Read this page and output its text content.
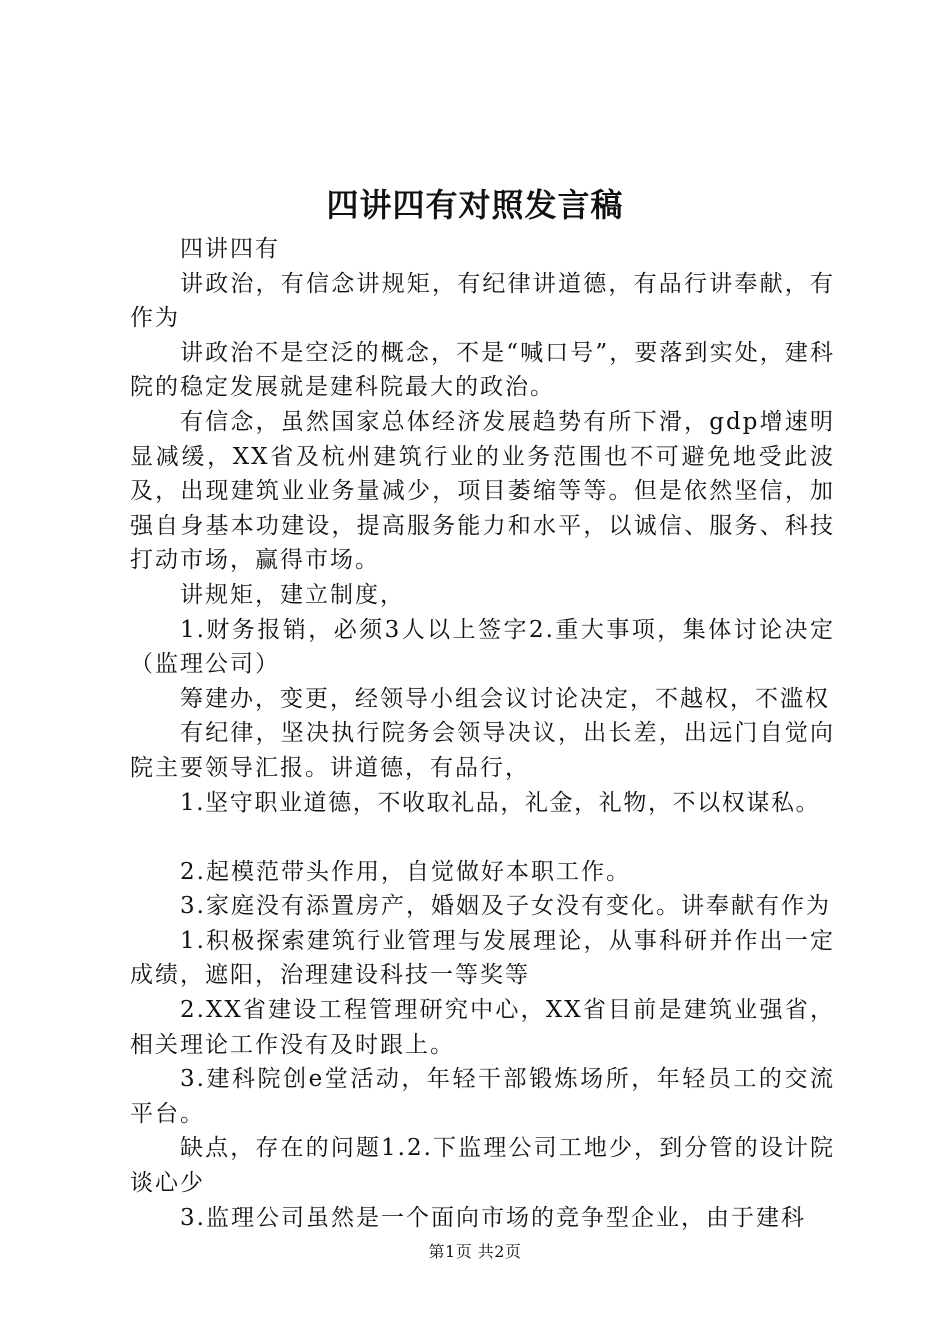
四讲四有对照发言稿

四讲四有

讲政治，有信念讲规矩，有纪律讲道德，有品行讲奉献，有作为

讲政治不是空泛的概念，不是“喊口号”，要落到实处，建科院的稳定发展就是建科院最大的政治。

有信念，虽然国家总体经济发展趋势有所下滑，gdp增速明显减缓，XX省及杭州建筑行业的业务范围也不可避免地受此波及，出现建筑业业务量减少，项目萎缩等等。但是依然坚信，加强自身基本功建设，提高服务能力和水平，以诚信、服务、科技打动市场，赢得市场。

讲规矩，建立制度，

1.财务报销，必须3人以上签字2.重大事项，集体讨论决定（监理公司）

筹建办，变更，经领导小组会议讨论决定，不越权，不滥权

有纪律，坚决执行院务会领导决议，出长差，出远门自觉向院主要领导汇报。讲道德，有品行，

1.坚守职业道德，不收取礼品，礼金，礼物，不以权谋私。

2.起模范带头作用，自觉做好本职工作。

3.家庭没有添置房产，婚姻及子女没有变化。讲奉献有作为

1.积极探索建筑行业管理与发展理论，从事科研并作出一定成绩，遮阳，治理建设科技一等奖等

2.XX省建设工程管理研究中心，XX省目前是建筑业强省，相关理论工作没有及时跟上。

3.建科院创e堂活动，年轻干部锻炼场所，年轻员工的交流平台。

缺点，存在的问题1.2.下监理公司工地少，到分管的设计院谈心少

3.监理公司虽然是一个面向市场的竞争型企业，由于建科

第1页 共2页
